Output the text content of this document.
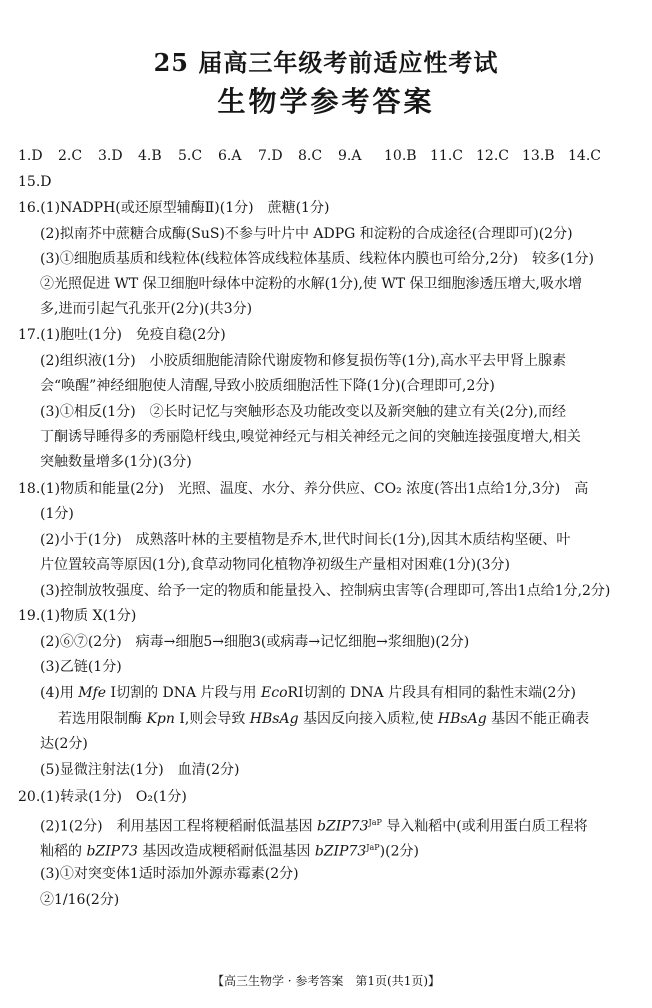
25 届高三年级考前适应性考试
生物学参考答案
1.D 2.C 3.D 4.B 5.C 6.A 7.D 8.C 9.A 10.B 11.C 12.C 13.B 14.C
15.D
16.(1)NADPH(或还原型辅酶Ⅱ)(1分)　蔗糖(1分)
(2)拟南芥中蔗糖合成酶(SuS)不参与叶片中 ADPG 和淀粉的合成途径(合理即可)(2分)
(3)①细胞质基质和线粒体(线粒体答成线粒体基质、线粒体内膜也可给分,2分)　较多(1分)
②光照促进 WT 保卫细胞叶绿体中淀粉的水解(1分),使 WT 保卫细胞渗透压增大,吸水增
多,进而引起气孔张开(2分)(共3分)
17.(1)胞吐(1分)　免疫自稳(2分)
(2)组织液(1分)　小胶质细胞能清除代谢废物和修复损伤等(1分),高水平去甲肾上腺素
会“唤醒”神经细胞使人清醒,导致小胶质细胞活性下降(1分)(合理即可,2分)
(3)①相反(1分)　②长时记忆与突触形态及功能改变以及新突触的建立有关(2分),而经
丁酮诱导睡得多的秀丽隐杆线虫,嗅觉神经元与相关神经元之间的突触连接强度增大,相关
突触数量增多(1分)(3分)
18.(1)物质和能量(2分)　光照、温度、水分、养分供应、CO₂ 浓度(答出1点给1分,3分)　高
(1分)
(2)小于(1分)　成熟落叶林的主要植物是乔木,世代时间长(1分),因其木质结构坚硬、叶
片位置较高等原因(1分),食草动物同化植物净初级生产量相对困难(1分)(3分)
(3)控制放牧强度、给予一定的物质和能量投入、控制病虫害等(合理即可,答出1点给1分,2分)
19.(1)物质 X(1分)
(2)⑥⑦(2分)　病毒→细胞5→细胞3(或病毒→记忆细胞→浆细胞)(2分)
(3)乙链(1分)
(4)用 Mfe Ⅰ切割的 DNA 片段与用 EcoRⅠ切割的 DNA 片段具有相同的黏性末端(2分)
若选用限制酶 Kpn Ⅰ,则会导致 HBsAg 基因反向接入质粒,使 HBsAg 基因不能正确表
达(2分)
(5)显微注射法(1分)　血清(2分)
20.(1)转录(1分)　O₂(1分)
(2)1(2分)　利用基因工程将粳稻耐低温基因 $bZIP73^{JaP}$ 导入籼稻中(或利用蛋白质工程将
籼稻的 bZIP73 基因改造成粳稻耐低温基因 $bZIP73^{JaP})(2$分)
(3)①对突变体1适时添加外源赤霉素(2分)
②1/16(2分)
【高三生物学 · 参考答案　第1页(共1页)】
